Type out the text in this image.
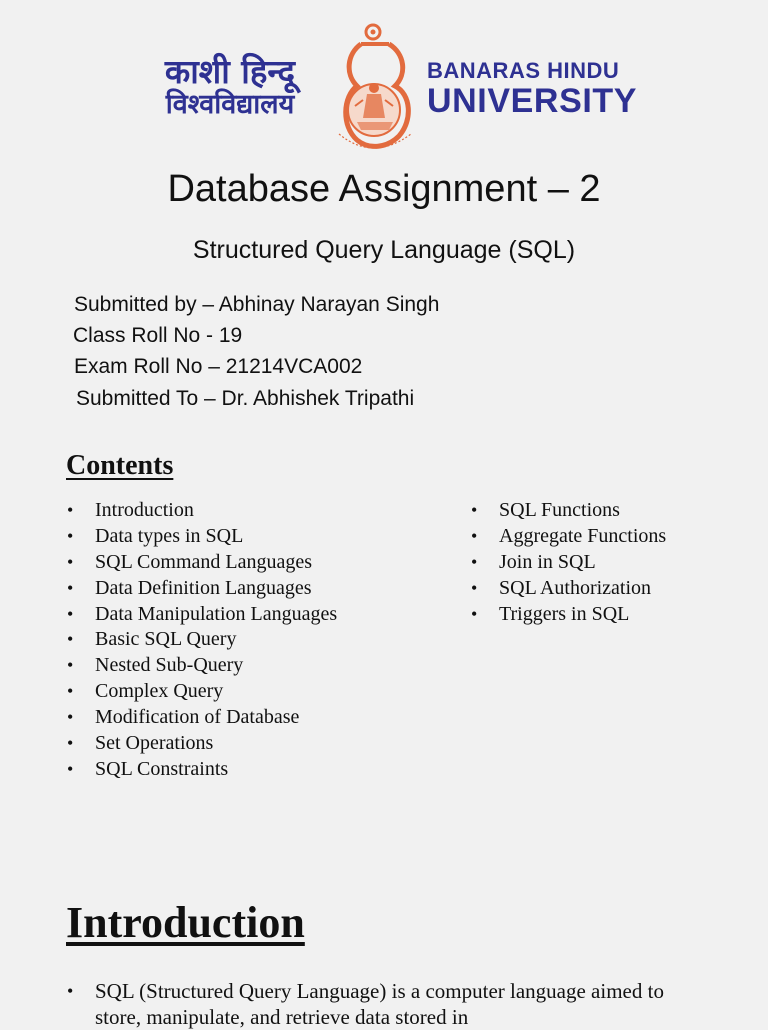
काशी हिन्दू
विश्वविद्यालय
BANARAS HINDU
UNIVERSITY
Database Assignment – 2
Structured Query Language (SQL)
Submitted by – Abhinay Narayan Singh
Class Roll No - 19
Exam Roll No – 21214VCA002
Submitted To – Dr. Abhishek Tripathi
Contents
• Introduction
• Data types in SQL
• SQL Command Languages
• Data Definition Languages
• Data Manipulation Languages
• Basic SQL Query
• Nested Sub-Query
• Complex Query
• Modification of Database
• Set Operations
• SQL Constraints
• SQL Functions
• Aggregate Functions
• Join in SQL
• SQL Authorization
• Triggers in SQL
Introduction
• SQL (Structured Query Language) is a computer language aimed to store, manipulate, and retrieve data stored in
